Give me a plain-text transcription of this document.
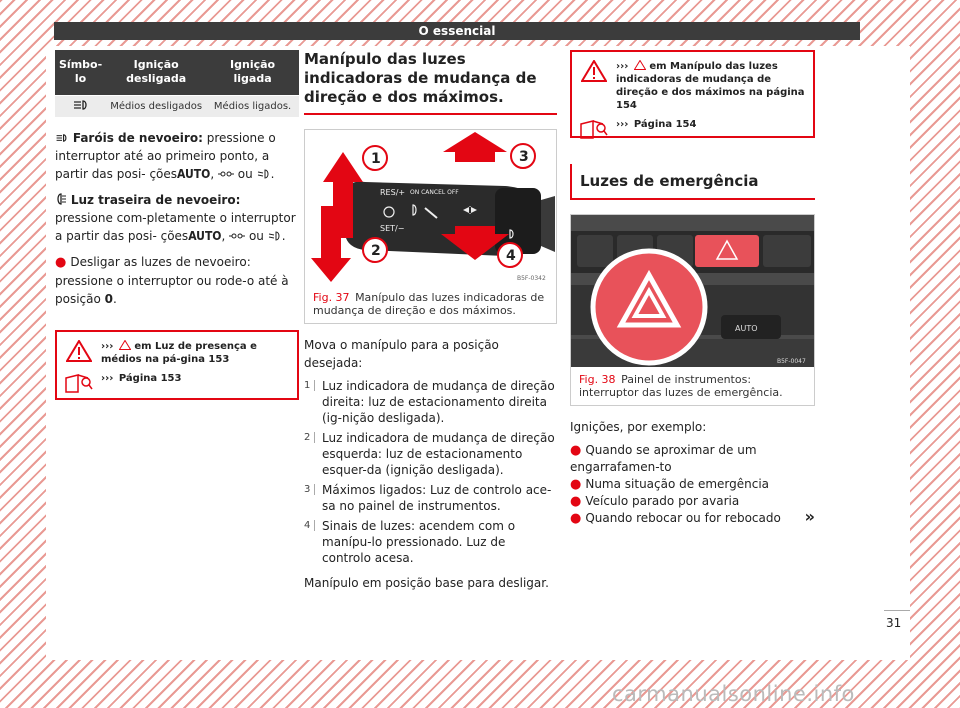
O essencial
Símbo-
lo	Ignição desligada	Ignição ligada
	Médios desligados	Médios ligados.
Faróis de nevoeiro: pressione o interruptor até ao primeiro ponto, a partir das posi- çõesAUTO, ou .
Luz traseira de nevoeiro: pressione com-pletamente o interruptor a partir das posi- çõesAUTO, ou .
● Desligar as luzes de nevoeiro: pressione o interruptor ou rode-o até à posição 0.
››› em Luz de presença e médios na pá-gina 153
››› Página 153
Manípulo das luzes indicadoras de mudança de direção e dos máximos.
RES/+ ON CANCEL OFF
SET/−
1
2
3
4
B5F-0342
Fig. 37 Manípulo das luzes indicadoras de mudança de direção e dos máximos.
Mova o manípulo para a posição desejada:
1 Luz indicadora de mudança de direção direita: luz de estacionamento direita (ig-nição desligada).
2 Luz indicadora de mudança de direção esquerda: luz de estacionamento esquer-da (ignição desligada).
3 Máximos ligados: Luz de controlo ace-sa no painel de instrumentos.
4 Sinais de luzes: acendem com o manípu-lo pressionado. Luz de controlo acesa.
Manípulo em posição base para desligar.
››› em Manípulo das luzes indicadoras de mudança de direção e dos máximos na página 154
››› Página 154
Luzes de emergência
AUTO
B5F-0047
Fig. 38 Painel de instrumentos: interruptor das luzes de emergência.
Ignições, por exemplo:
● Quando se aproximar de um engarrafamen-to
● Numa situação de emergência
● Veículo parado por avaria
● Quando rebocar ou for rebocado »
31
carmanualsonline.info
